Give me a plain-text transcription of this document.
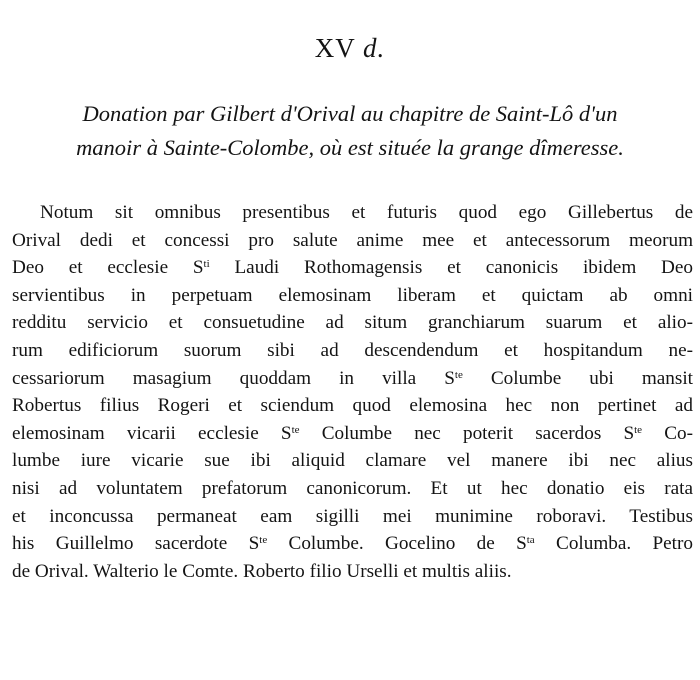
XV d.
Donation par Gilbert d'Orival au chapitre de Saint-Lô d'un
manoir à Sainte-Colombe, où est située la grange dîmeresse.
Notum sit omnibus presentibus et futuris quod ego Gillebertus de
Orival dedi et concessi pro salute anime mee et antecessorum meorum
Deo et ecclesie $S^{ti}$ Laudi Rothomagensis et canonicis ibidem Deo
servientibus in perpetuam elemosinam liberam et quictam ab omni
redditu servicio et consuetudine ad situm granchiarum suarum et alio-
rum edificiorum suorum sibi ad descendendum et hospitandum ne-
cessariorum masagium quoddam in villa $S^{te}$ Columbe ubi mansit
Robertus filius Rogeri et sciendum quod elemosina hec non pertinet ad
elemosinam vicarii ecclesie $S^{te}$ Columbe nec poterit sacerdos $S^{te}$ Co-
lumbe iure vicarie sue ibi aliquid clamare vel manere ibi nec alius
nisi ad voluntatem prefatorum canonicorum. Et ut hec donatio eis rata
et inconcussa permaneat eam sigilli mei munimine roboravi. Testibus
his Guillelmo sacerdote $S^{te}$ Columbe. Gocelino de $S^{ta}$ Columba. Petro
de Orival. Walterio le Comte. Roberto filio Urselli et multis aliis.
